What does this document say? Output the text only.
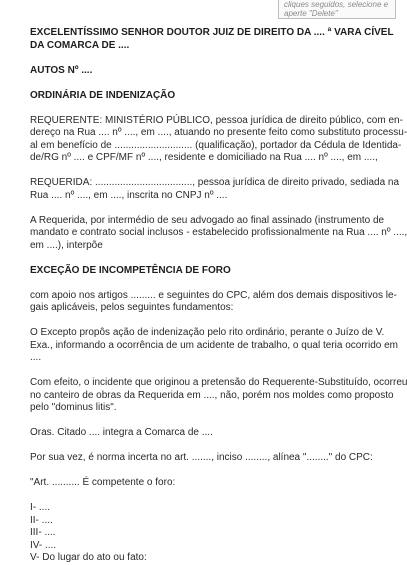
cliques seguidos, selecione e

aperte "Delete"

EXCELENTÍSSIMO SENHOR DOUTOR JUIZ DE DIREITO DA .... ª VARA CÍVEL
DA COMARCA DE ....

AUTOS Nº ....

ORDINÁRIA DE INDENIZAÇÃO

REQUERENTE: MINISTÉRIO PÚBLICO, pessoa jurídica de direito público, com en-
dereço na Rua .... nº ...., em ...., atuando no presente feito como substituto processu-
al em benefício de ............................ (qualificação), portador da Cédula de Identida-
de/RG nº .... e CPF/MF nº ...., residente e domiciliado na Rua .... nº ...., em ....,

REQUERIDA: ..................................., pessoa jurídica de direito privado, sediada na
Rua .... nº ...., em ...., inscrita no CNPJ nº ....

A Requerida, por intermédio de seu advogado ao final assinado (instrumento de
mandato e contrato social inclusos - estabelecido profissionalmente na Rua .... nº ....,
em ....), interpõe

EXCEÇÃO DE INCOMPETÊNCIA DE FORO

com apoio nos artigos ......... e seguintes do CPC, além dos demais dispositivos le-
gais aplicáveis, pelos seguintes fundamentos:

O Excepto propôs ação de indenização pelo rito ordinário, perante o Juízo de V.
Exa., informando a ocorrência de um acidente de trabalho, o qual teria ocorrido em
....

Com efeito, o incidente que originou a pretensão do Requerente-Substituído, ocorreu
no canteiro de obras da Requerida em ...., não, porém nos moldes como proposto
pelo "dominus litis".

Oras. Citado .... integra a Comarca de ....

Por sua vez, é norma incerta no art. ......., inciso ........, alínea "........" do CPC:

"Art. .......... É competente o foro:

I- ....
II- ....
III- ....
IV- ....
V- Do lugar do ato ou fato:
